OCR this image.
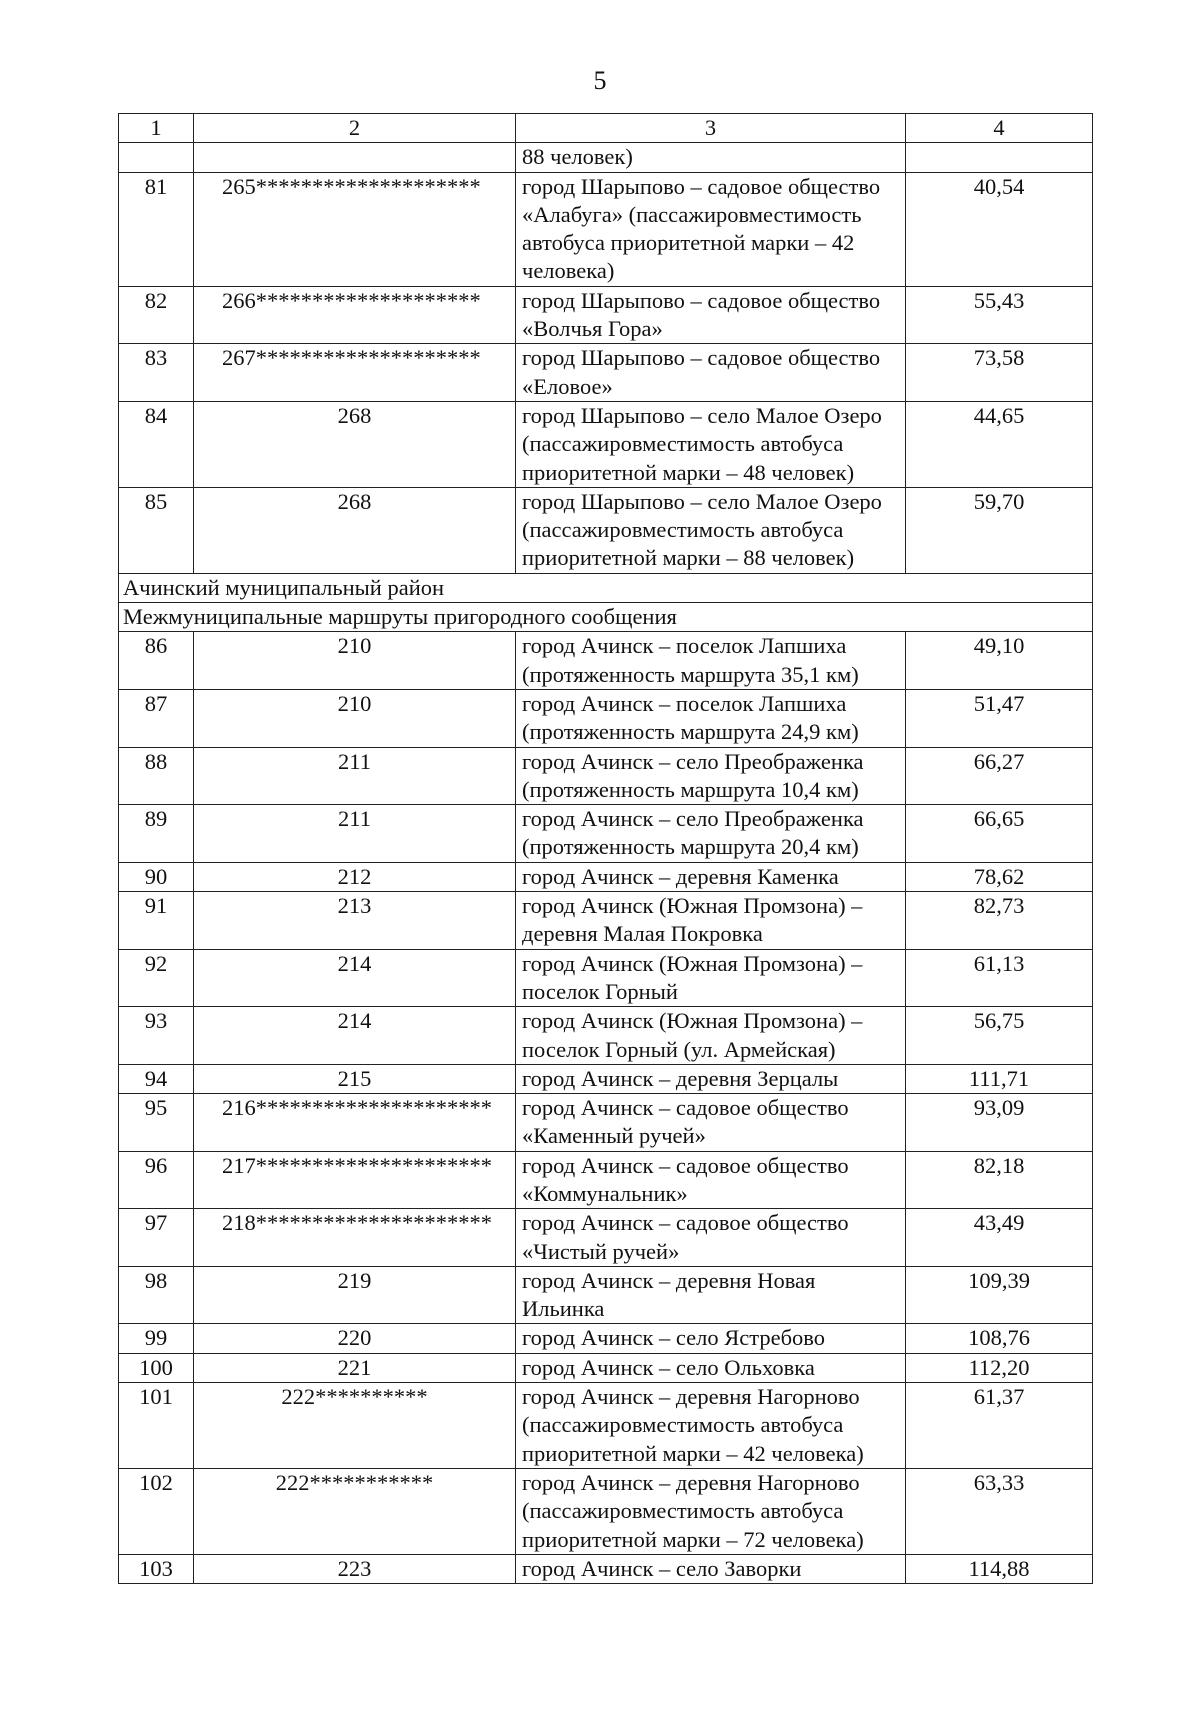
5
1	2	3	4
		88 человек)	
81	265********************	город Шарыпово – садовое общество «Алабуга» (пассажировместимость автобуса приоритетной марки – 42 человека)	40,54
82	266********************	город Шарыпово – садовое общество «Волчья Гора»	55,43
83	267********************	город Шарыпово – садовое общество «Еловое»	73,58
84	268	город Шарыпово – село Малое Озеро (пассажировместимость автобуса приоритетной марки – 48 человек)	44,65
85	268	город Шарыпово – село Малое Озеро (пассажировместимость автобуса приоритетной марки – 88 человек)	59,70
Ачинский муниципальный район			
Межмуниципальные маршруты пригородного сообщения			
86	210	город Ачинск – поселок Лапшиха (протяженность маршрута 35,1 км)	49,10
87	210	город Ачинск – поселок Лапшиха (протяженность маршрута 24,9 км)	51,47
88	211	город Ачинск – село Преображенка (протяженность маршрута 10,4 км)	66,27
89	211	город Ачинск – село Преображенка (протяженность маршрута 20,4 км)	66,65
90	212	город Ачинск – деревня Каменка	78,62
91	213	город Ачинск (Южная Промзона) – деревня Малая Покровка	82,73
92	214	город Ачинск (Южная Промзона) – поселок Горный	61,13
93	214	город Ачинск (Южная Промзона) – поселок Горный (ул. Армейская)	56,75
94	215	город Ачинск – деревня Зерцалы	111,71
95	216*********************	город Ачинск – садовое общество «Каменный ручей»	93,09
96	217*********************	город Ачинск – садовое общество «Коммунальник»	82,18
97	218*********************	город Ачинск – садовое общество «Чистый ручей»	43,49
98	219	город Ачинск – деревня Новая Ильинка	109,39
99	220	город Ачинск – село Ястребово	108,76
100	221	город Ачинск – село Ольховка	112,20
101	222**********	город Ачинск – деревня Нагорново (пассажировместимость автобуса приоритетной марки – 42 человека)	61,37
102	222***********	город Ачинск – деревня Нагорново (пассажировместимость автобуса приоритетной марки – 72 человека)	63,33
103	223	город Ачинск – село Заворки	114,88
